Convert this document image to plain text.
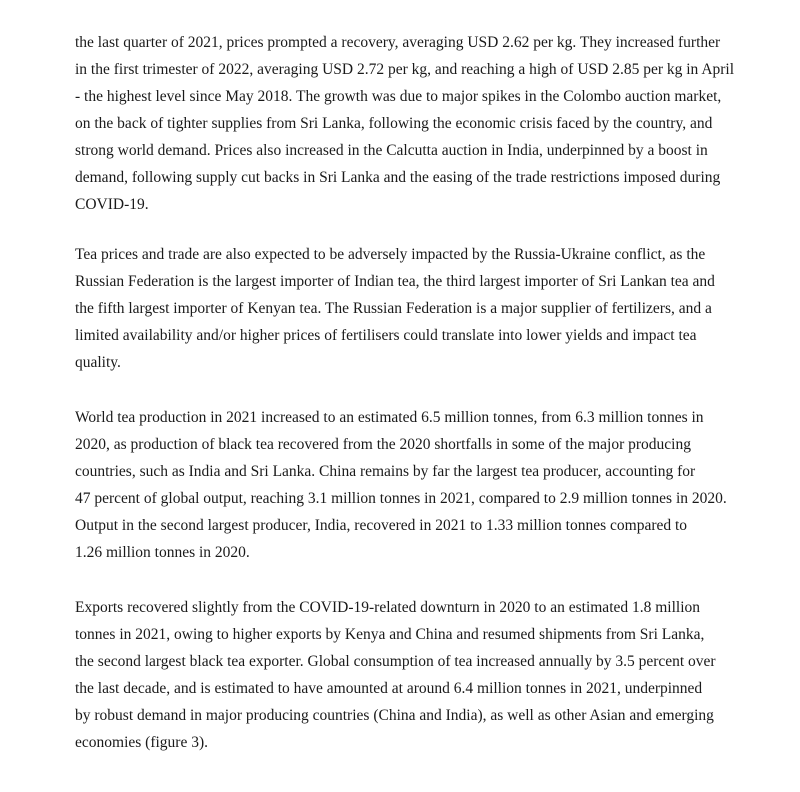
the last quarter of 2021, prices prompted a recovery, averaging USD 2.62 per kg. They increased further
in the first trimester of 2022, averaging USD 2.72 per kg, and reaching a high of USD 2.85 per kg in April
- the highest level since May 2018. The growth was due to major spikes in the Colombo auction market,
on the back of tighter supplies from Sri Lanka, following the economic crisis faced by the country, and
strong world demand. Prices also increased in the Calcutta auction in India, underpinned by a boost in
demand, following supply cut backs in Sri Lanka and the easing of the trade restrictions imposed during
COVID-19.

Tea prices and trade are also expected to be adversely impacted by the Russia-Ukraine conflict, as the
Russian Federation is the largest importer of Indian tea, the third largest importer of Sri Lankan tea and
the fifth largest importer of Kenyan tea. The Russian Federation is a major supplier of fertilizers, and a
limited availability and/or higher prices of fertilisers could translate into lower yields and impact tea
quality.

World tea production in 2021 increased to an estimated 6.5 million tonnes, from 6.3 million tonnes in
2020, as production of black tea recovered from the 2020 shortfalls in some of the major producing
countries, such as India and Sri Lanka. China remains by far the largest tea producer, accounting for
47 percent of global output, reaching 3.1 million tonnes in 2021, compared to 2.9 million tonnes in 2020.
Output in the second largest producer, India, recovered in 2021 to 1.33 million tonnes compared to
1.26 million tonnes in 2020.

Exports recovered slightly from the COVID-19-related downturn in 2020 to an estimated 1.8 million
tonnes in 2021, owing to higher exports by Kenya and China and resumed shipments from Sri Lanka,
the second largest black tea exporter. Global consumption of tea increased annually by 3.5 percent over
the last decade, and is estimated to have amounted at around 6.4 million tonnes in 2021, underpinned
by robust demand in major producing countries (China and India), as well as other Asian and emerging
economies (figure 3).
